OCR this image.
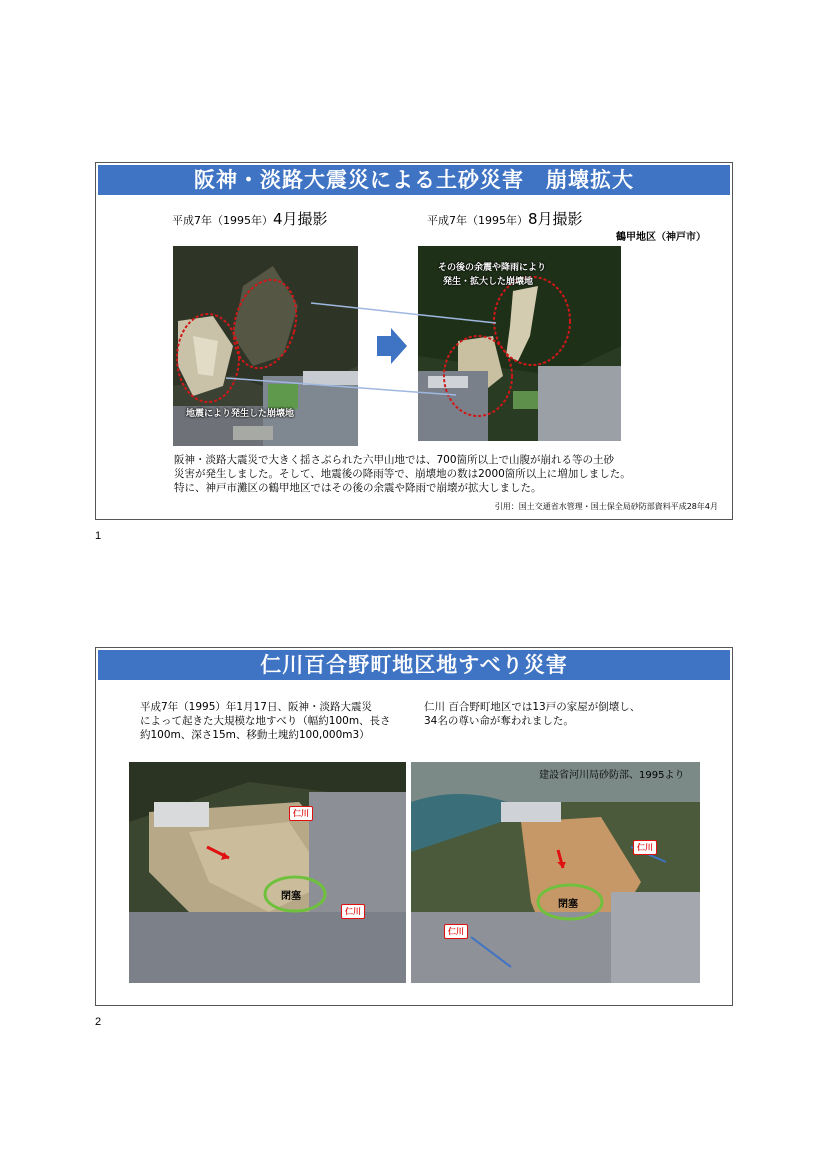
阪神・淡路大震災による土砂災害　崩壊拡大
平成7年（1995年）4月撮影	平成7年（1995年）8月撮影
鶴甲地区（神戸市）
地震により発生した崩壊地
その後の余震や降雨により
発生・拡大した崩壊地
阪神・淡路大震災で大きく揺さぶられた六甲山地では、700箇所以上で山腹が崩れる等の土砂
災害が発生しました。そして、地震後の降雨等で、崩壊地の数は2000箇所以上に増加しました。
特に、神戸市灘区の鶴甲地区ではその後の余震や降雨で崩壊が拡大しました。
引用：国土交通省水管理・国土保全局砂防部資料平成28年4月
1
仁川百合野町地区地すべり災害
平成7年（1995）年1月17日、阪神・淡路大震災
によって起きた大規模な地すべり（幅約100m、長さ
約100m、深さ15m、移動土塊約100,000m3）
仁川 百合野町地区では13戸の家屋が倒壊し、
34名の尊い命が奪われました。
閉塞
仁川
仁川
建設省河川局砂防部、1995より
閉塞
仁川
仁川
2
